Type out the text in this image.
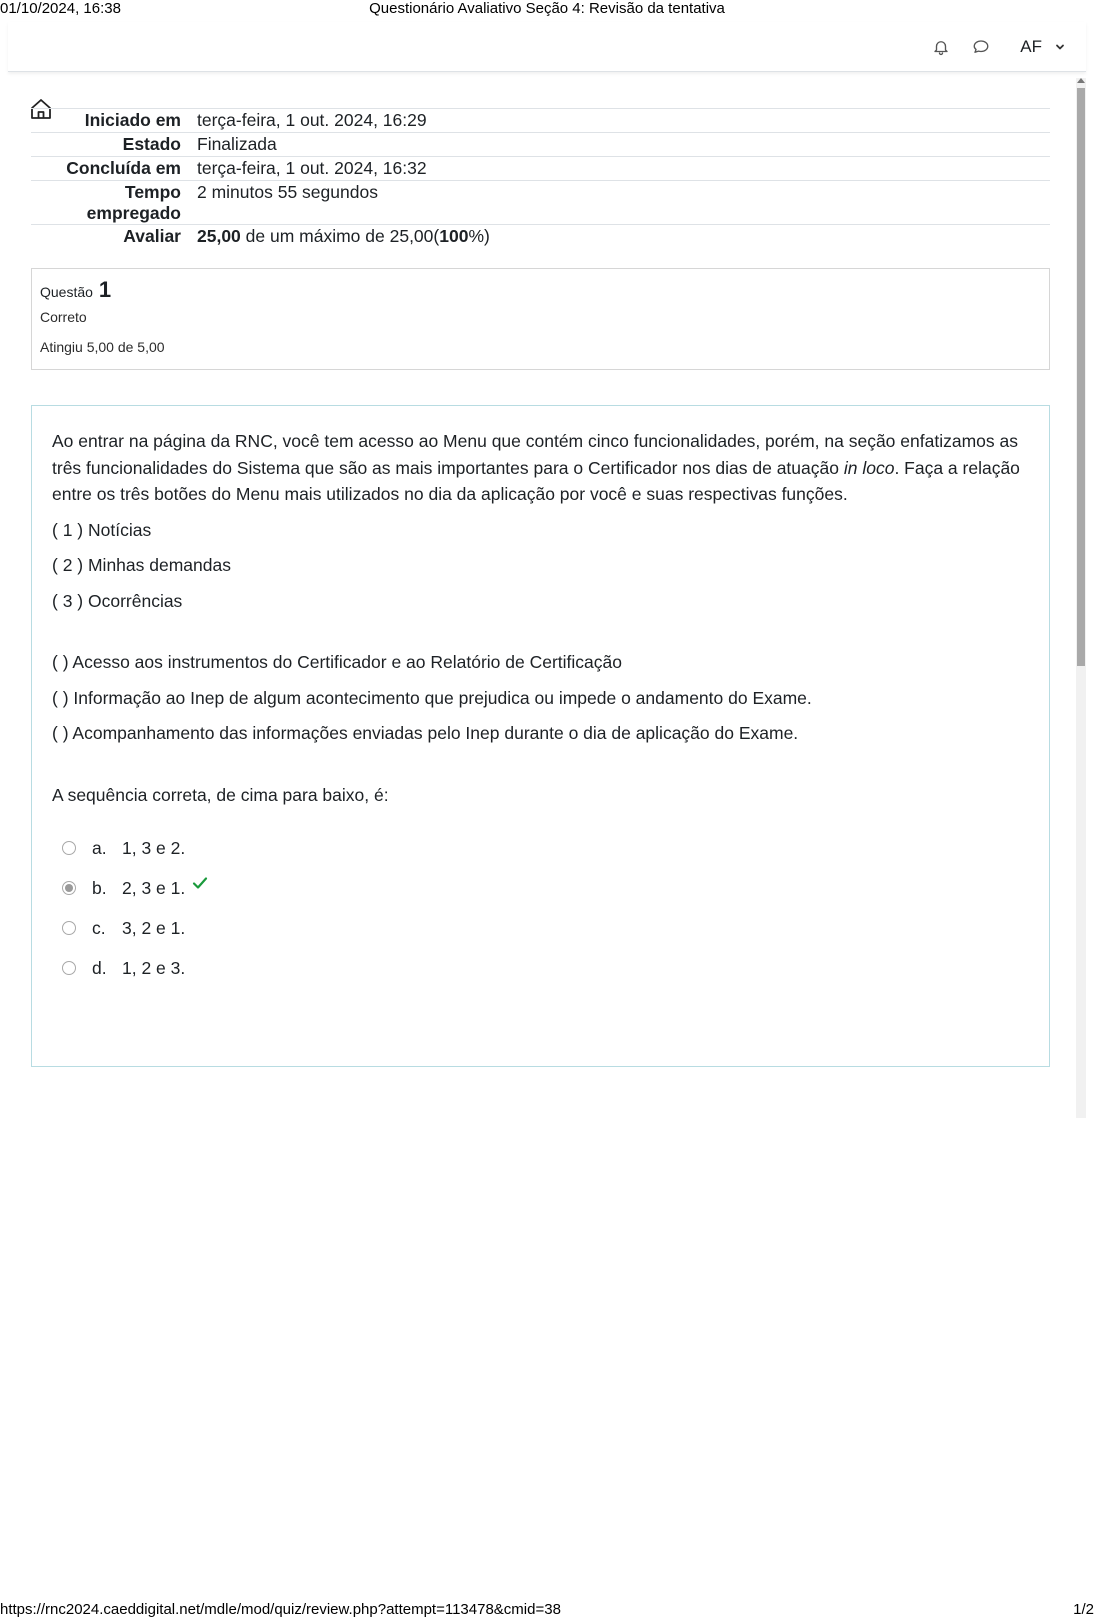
01/10/2024, 16:38	Questionário Avaliativo Seção 4: Revisão da tentativa
AF
Iniciado em	terça-feira, 1 out. 2024, 16:29
Estado	Finalizada
Concluída em	terça-feira, 1 out. 2024, 16:32
Tempo
empregado	2 minutos 55 segundos
Avaliar	25,00 de um máximo de 25,00(100%)
Questão 1
Correto
Atingiu 5,00 de 5,00

Ao entrar na página da RNC, você tem acesso ao Menu que contém cinco funcionalidades, porém, na seção enfatizamos as três funcionalidades do Sistema que são as mais importantes para o Certificador nos dias de atuação in loco. Faça a relação entre os três botões do Menu mais utilizados no dia da aplicação por você e suas respectivas funções.

( 1 ) Notícias

( 2 ) Minhas demandas

( 3 ) Ocorrências

( ) Acesso aos instrumentos do Certificador e ao Relatório de Certificação

( ) Informação ao Inep de algum acontecimento que prejudica ou impede o andamento do Exame.

( ) Acompanhamento das informações enviadas pelo Inep durante o dia de aplicação do Exame.

A sequência correta, de cima para baixo, é:

a. 1, 3 e 2.
b. 2, 3 e 1.
c. 3, 2 e 1.
d. 1, 2 e 3.
https://rnc2024.caeddigital.net/mdle/mod/quiz/review.php?attempt=113478&cmid=38	1/2
